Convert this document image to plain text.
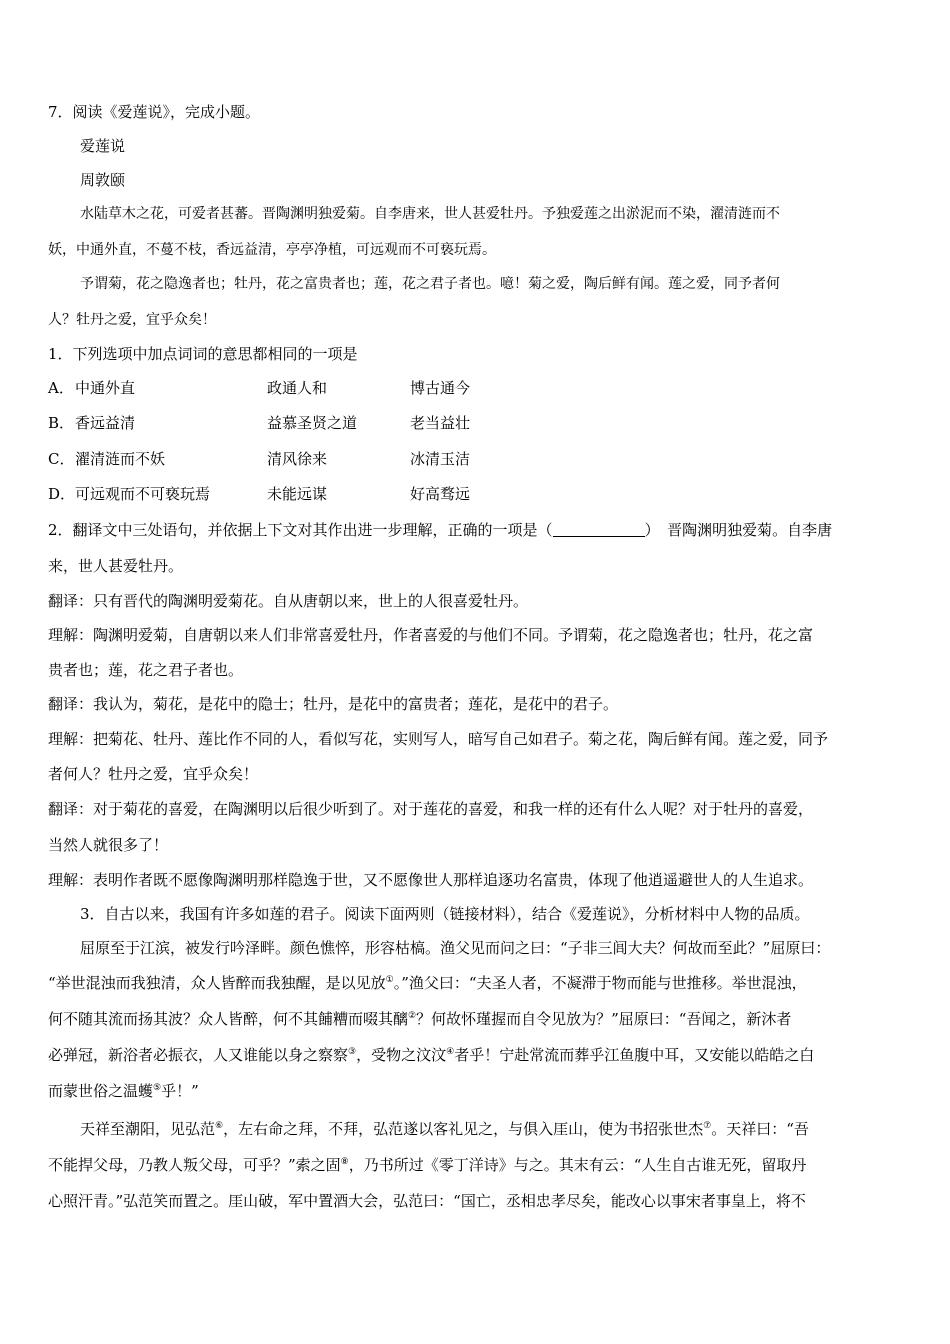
7．阅读《爱莲说》，完成小题。

爱莲说

周敦颐

水陆草木之花，可爱者甚蕃。晋陶渊明独爱菊。自李唐来，世人甚爱牡丹。予独爱莲之出淤泥而不染，濯清涟而不

妖，中通外直，不蔓不枝，香远益清，亭亭净植，可远观而不可亵玩焉。

予谓菊，花之隐逸者也；牡丹，花之富贵者也；莲，花之君子者也。噫！菊之爱，陶后鲜有闻。莲之爱，同予者何

人？牡丹之爱，宜乎众矣！

1．下列选项中加点词词的意思都相同的一项是

A． 中通外直	政通人和	博古通今
B． 香远益清	益慕圣贤之道	老当益壮
C． 濯清涟而不妖	清风徐来	冰清玉洁
D． 可远观而不可亵玩焉	未能远谋	好高骛远

2．翻译文中三处语句，并依据上下文对其作出进一步理解，正确的一项是（	）　晋陶渊明独爱菊。自李唐

来，世人甚爱牡丹。

翻译：只有晋代的陶渊明爱菊花。自从唐朝以来，世上的人很喜爱牡丹。

理解：陶渊明爱菊，自唐朝以来人们非常喜爱牡丹，作者喜爱的与他们不同。予谓菊，花之隐逸者也；牡丹，花之富

贵者也；莲，花之君子者也。

翻译：我认为，菊花，是花中的隐士；牡丹，是花中的富贵者；莲花，是花中的君子。

理解：把菊花、牡丹、莲比作不同的人，看似写花，实则写人，暗写自己如君子。菊之花，陶后鲜有闻。莲之爱，同予

者何人？牡丹之爱，宜乎众矣！

翻译：对于菊花的喜爱，在陶渊明以后很少听到了。对于莲花的喜爱，和我一样的还有什么人呢？对于牡丹的喜爱，

当然人就很多了！

理解：表明作者既不愿像陶渊明那样隐逸于世，又不愿像世人那样追逐功名富贵，体现了他逍遥避世人的人生追求。

3．自古以来，我国有许多如莲的君子。阅读下面两则（链接材料），结合《爱莲说》，分析材料中人物的品质。

屈原至于江滨，被发行吟泽畔。颜色憔悴，形容枯槁。渔父见而问之曰：“子非三闾大夫？何故而至此？”屈原曰：

“举世混浊而我独清，众人皆醉而我独醒，是以见放①。”渔父曰：“夫圣人者，不凝滞于物而能与世推移。举世混浊，

何不随其流而扬其波？众人皆醉，何不其餔糟而啜其醨②？何故怀瑾握而自令见放为？”屈原曰：“吾闻之，新沐者

必弹冠，新浴者必振衣，人又谁能以身之察察③，受物之汶汶④者乎！宁赴常流而葬乎江鱼腹中耳，又安能以皓皓之白

而蒙世俗之温蠖⑤乎！”

天祥至潮阳，见弘范⑥，左右命之拜，不拜，弘范遂以客礼见之，与俱入厓山，使为书招张世杰⑦。天祥曰：“吾

不能捍父母，乃教人叛父母，可乎？”索之固⑧，乃书所过《零丁洋诗》与之。其末有云：“人生自古谁无死，留取丹

心照汗青。”弘范笑而置之。厓山破，军中置酒大会，弘范曰：“国亡，丞相忠孝尽矣，能改心以事宋者事皇上，将不
